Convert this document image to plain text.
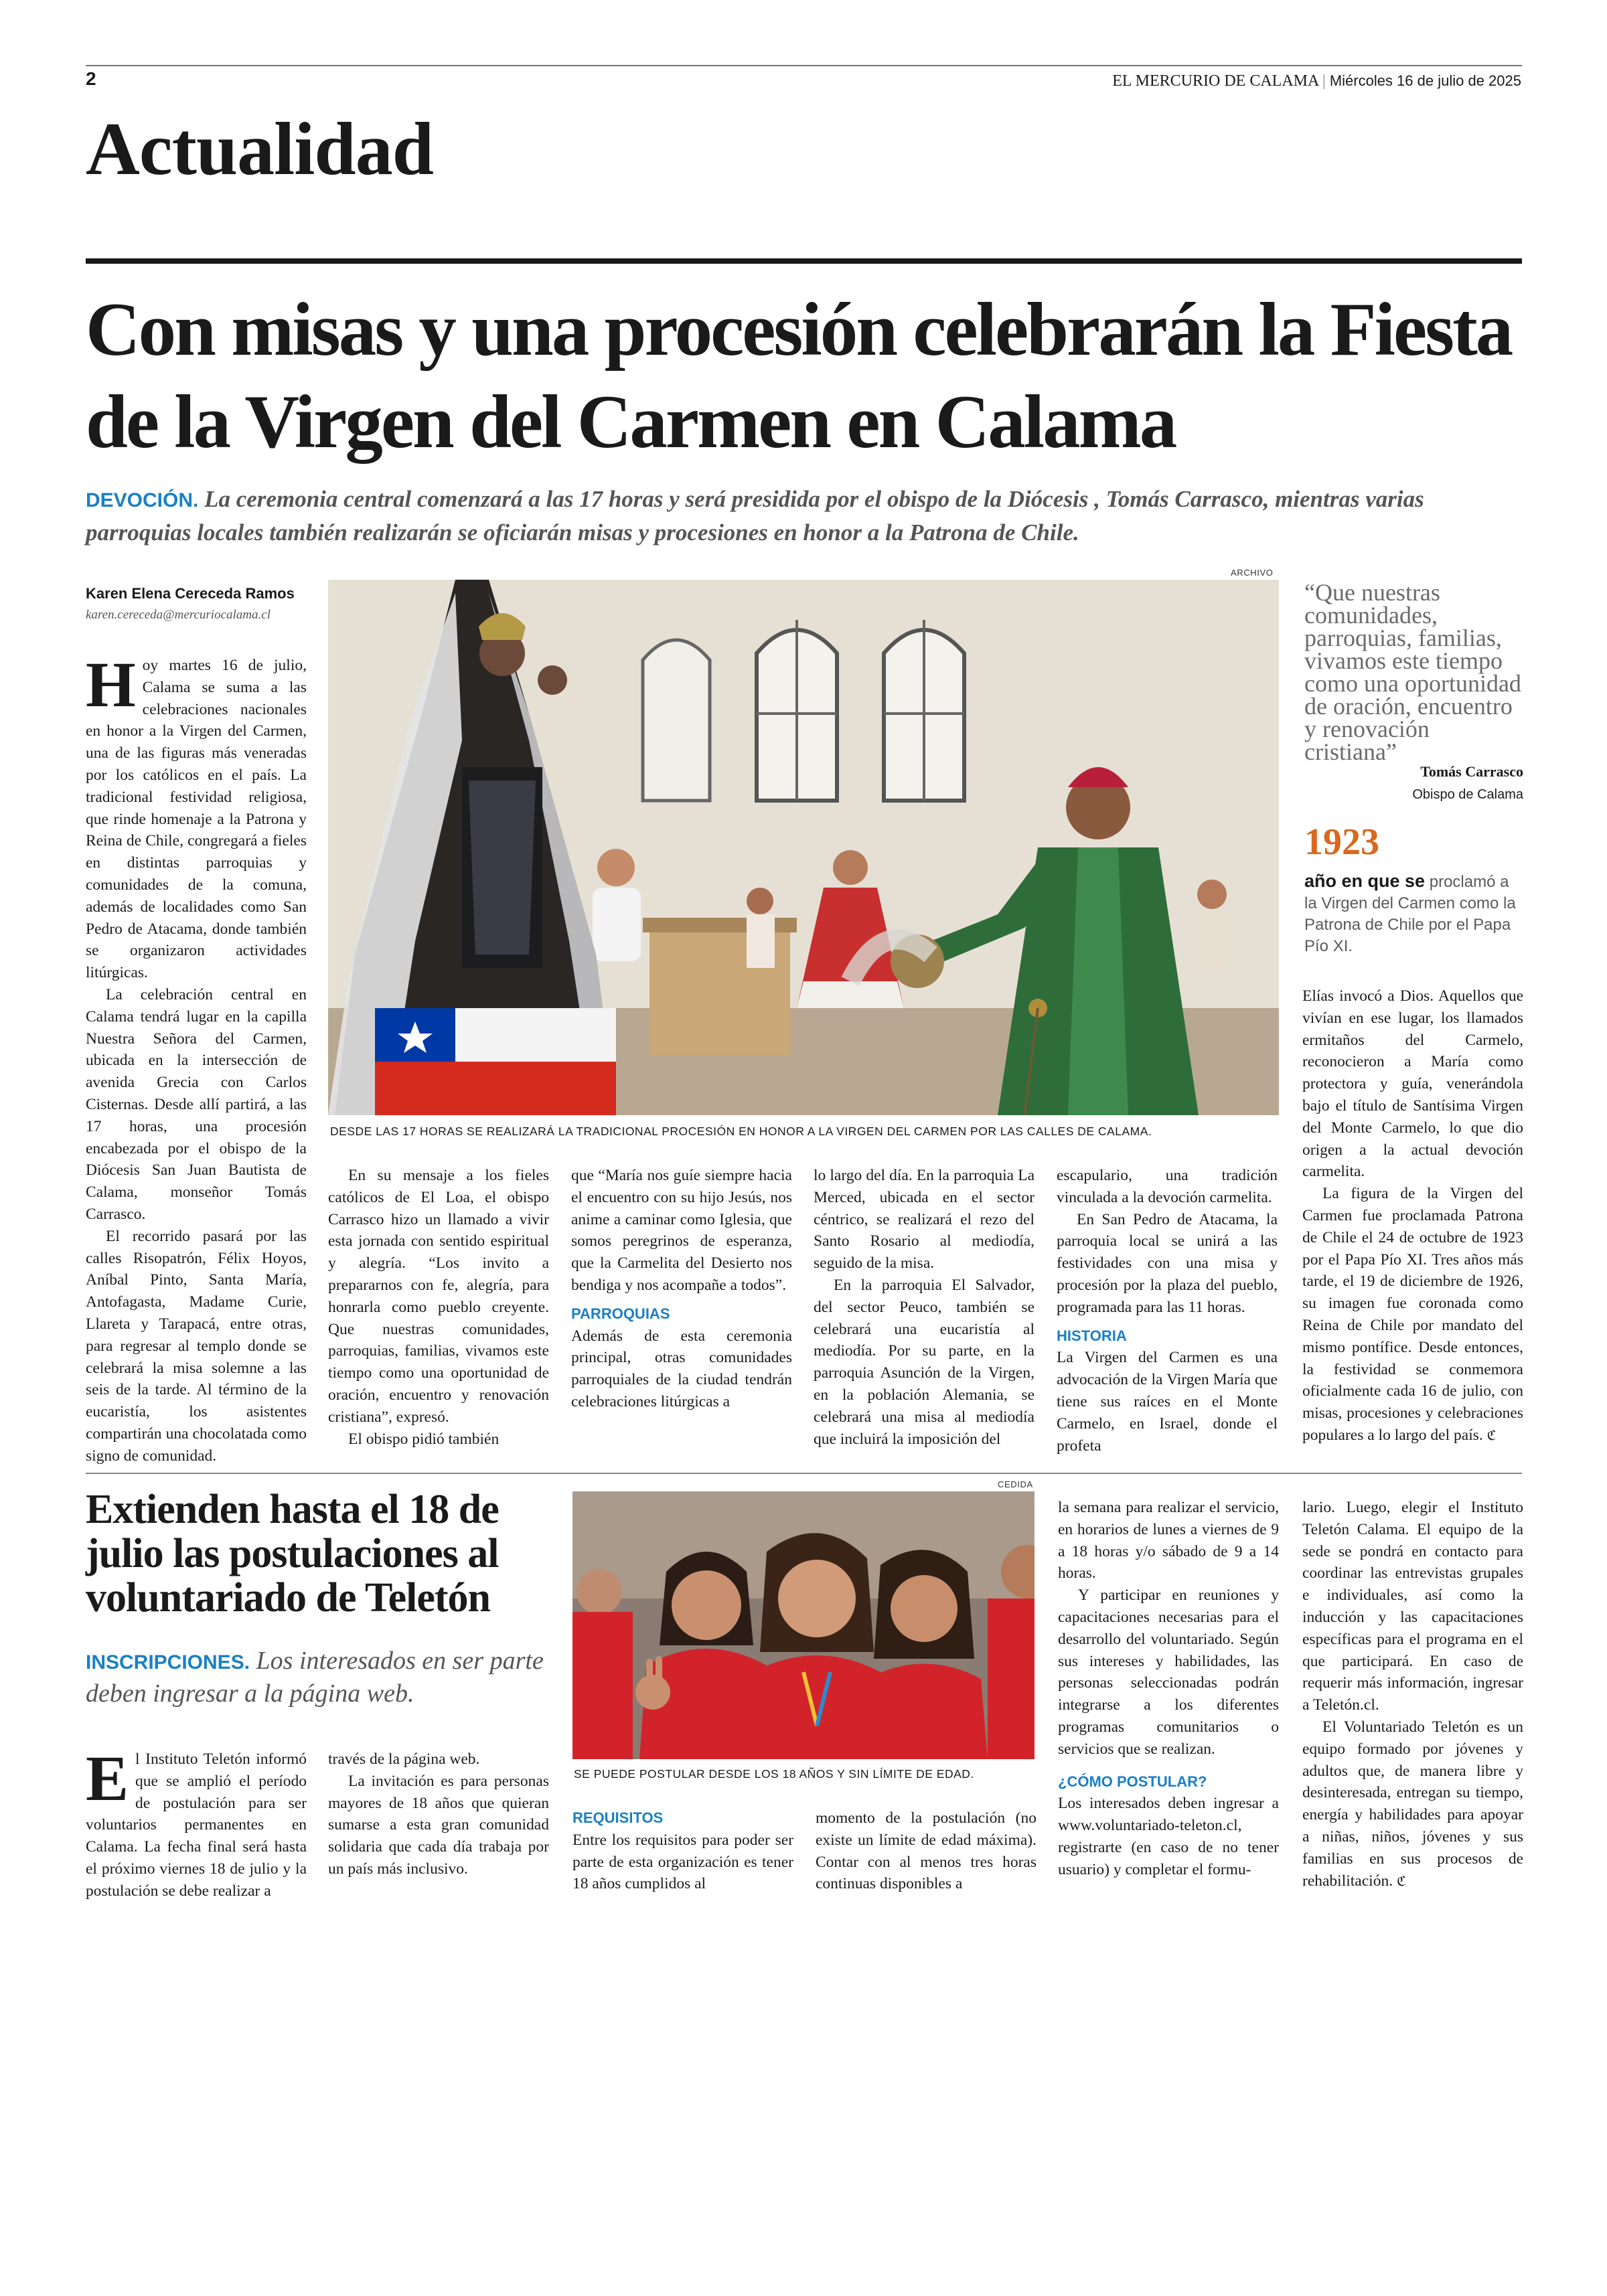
2	EL MERCURIO DE CALAMA | Miércoles 16 de julio de 2025
Actualidad
Con misas y una procesión celebrarán la Fiesta de la Virgen del Carmen en Calama
DEVOCIÓN. La ceremonia central comenzará a las 17 horas y será presidida por el obispo de la Diócesis , Tomás Carrasco, mientras varias parroquias locales también realizarán se oficiarán misas y procesiones en honor a la Patrona de Chile.
Karen Elena Cereceda Ramos
karen.cereceda@mercuriocalama.cl
ARCHIVO
DESDE LAS 17 HORAS SE REALIZARÁ LA TRADICIONAL PROCESIÓN EN HONOR A LA VIRGEN DEL CARMEN POR LAS CALLES DE CALAMA.
“Que nuestras comunidades, parroquias, familias, vivamos este tiempo como una oportunidad de oración, encuentro y renovación cristiana”
Tomás Carrasco
Obispo de Calama
1923
año en que se proclamó a la Virgen del Carmen como la Patrona de Chile por el Papa Pío XI.

Hoy martes 16 de julio, Calama se suma a las celebraciones nacionales en honor a la Virgen del Carmen, una de las figuras más veneradas por los católicos en el país. La tradicional festividad religiosa, que rinde homenaje a la Patrona y Reina de Chile, congregará a fieles en distintas parroquias y comunidades de la comuna, además de localidades como San Pedro de Atacama, donde también se organizaron actividades litúrgicas.

La celebración central en Calama tendrá lugar en la capilla Nuestra Señora del Carmen, ubicada en la intersección de avenida Grecia con Carlos Cisternas. Desde allí partirá, a las 17 horas, una procesión encabezada por el obispo de la Diócesis San Juan Bautista de Calama, monseñor Tomás Carrasco.

El recorrido pasará por las calles Risopatrón, Félix Hoyos, Aníbal Pinto, Santa María, Antofagasta, Madame Curie, Llareta y Tarapacá, entre otras, para regresar al templo donde se celebrará la misa solemne a las seis de la tarde. Al término de la eucaristía, los asistentes compartirán una chocolatada como signo de comunidad.

En su mensaje a los fieles católicos de El Loa, el obispo Carrasco hizo un llamado a vivir esta jornada con sentido espiritual y alegría. “Los invito a prepararnos con fe, alegría, para honrarla como pueblo creyente. Que nuestras comunidades, parroquias, familias, vivamos este tiempo como una oportunidad de oración, encuentro y renovación cristiana”, expresó.

El obispo pidió también

que “María nos guíe siempre hacia el encuentro con su hijo Jesús, nos anime a caminar como Iglesia, que somos peregrinos de esperanza, que la Carmelita del Desierto nos bendiga y nos acompañe a todos”.

PARROQUIAS

Además de esta ceremonia principal, otras comunidades parroquiales de la ciudad tendrán celebraciones litúrgicas a

lo largo del día. En la parroquia La Merced, ubicada en el sector céntrico, se realizará el rezo del Santo Rosario al mediodía, seguido de la misa.

En la parroquia El Salvador, del sector Peuco, también se celebrará una eucaristía al mediodía. Por su parte, en la parroquia Asunción de la Virgen, en la población Alemania, se celebrará una misa al mediodía que incluirá la imposición del

escapulario, una tradición vinculada a la devoción carmelita.

En San Pedro de Atacama, la parroquia local se unirá a las festividades con una misa y procesión por la plaza del pueblo, programada para las 11 horas.

HISTORIA

La Virgen del Carmen es una advocación de la Virgen María que tiene sus raíces en el Monte Carmelo, en Israel, donde el profeta

Elías invocó a Dios. Aquellos que vivían en ese lugar, los llamados ermitaños del Carmelo, reconocieron a María como protectora y guía, venerándola bajo el título de Santísima Virgen del Monte Carmelo, lo que dio origen a la actual devoción carmelita.

La figura de la Virgen del Carmen fue proclamada Patrona de Chile el 24 de octubre de 1923 por el Papa Pío XI. Tres años más tarde, el 19 de diciembre de 1926, su imagen fue coronada como Reina de Chile por mandato del mismo pontífice. Desde entonces, la festividad se conmemora oficialmente cada 16 de julio, con misas, procesiones y celebraciones populares a lo largo del país. ℭ

Extienden hasta el 18 de julio las postulaciones al voluntariado de Teletón
INSCRIPCIONES. Los interesados en ser parte deben ingresar a la página web.
CEDIDA
SE PUEDE POSTULAR DESDE LOS 18 AÑOS Y SIN LÍMITE DE EDAD.

El Instituto Teletón informó que se amplió el período de postulación para ser voluntarios permanentes en Calama. La fecha final será hasta el próximo viernes 18 de julio y la postulación se debe realizar a

través de la página web.

La invitación es para personas mayores de 18 años que quieran sumarse a esta gran comunidad solidaria que cada día trabaja por un país más inclusivo.

REQUISITOS

Entre los requisitos para poder ser parte de esta organización es tener 18 años cumplidos al

momento de la postulación (no existe un límite de edad máxima). Contar con al menos tres horas continuas disponibles a

la semana para realizar el servicio, en horarios de lunes a viernes de 9 a 18 horas y/o sábado de 9 a 14 horas.

Y participar en reuniones y capacitaciones necesarias para el desarrollo del voluntariado. Según sus intereses y habilidades, las personas seleccionadas podrán integrarse a los diferentes programas comunitarios o servicios que se realizan.

¿CÓMO POSTULAR?

Los interesados deben ingresar a www.voluntariado-teleton.cl, registrarte (en caso de no tener usuario) y completar el formu-

lario. Luego, elegir el Instituto Teletón Calama. El equipo de la sede se pondrá en contacto para coordinar las entrevistas grupales e individuales, así como la inducción y las capacitaciones específicas para el programa en el que participará. En caso de requerir más información, ingresar a Teletón.cl.

El Voluntariado Teletón es un equipo formado por jóvenes y adultos que, de manera libre y desinteresada, entregan su tiempo, energía y habilidades para apoyar a niñas, niños, jóvenes y sus familias en sus procesos de rehabilitación. ℭ
